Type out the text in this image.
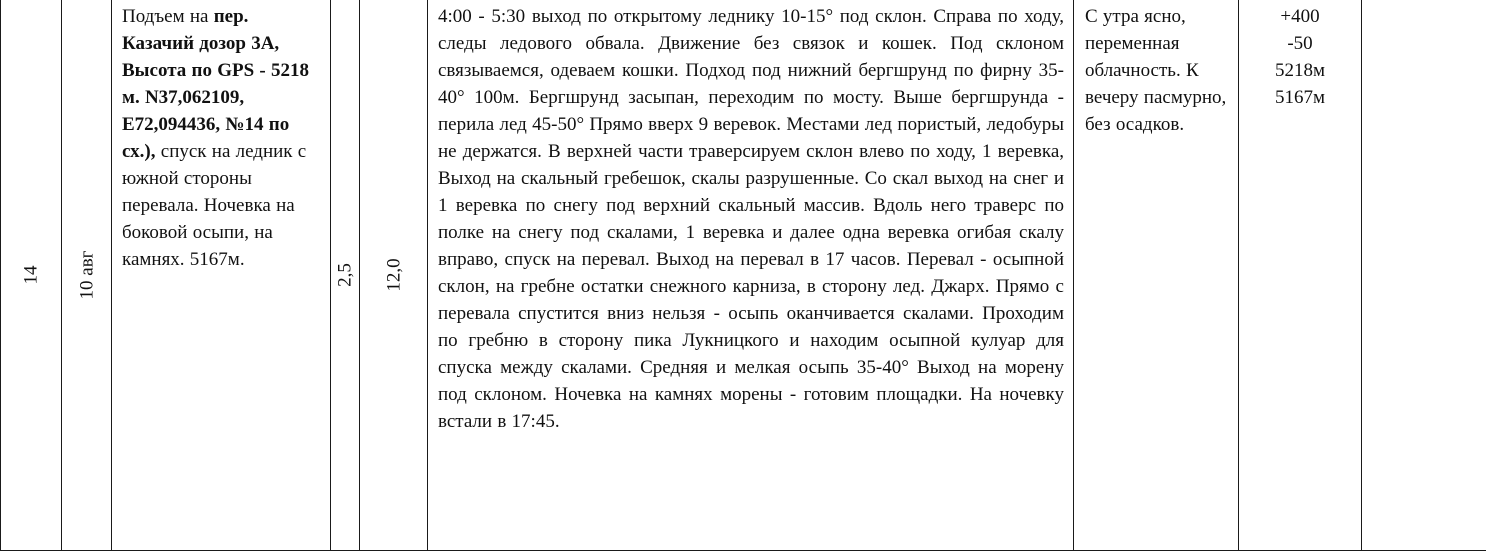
14 10 авг
Подъем на пер. Казачий дозор 3А, Высота по GPS - 5218 м. N37,062109, E72,094436, №14 по сх.), спуск на ледник с южной стороны перевала. Ночевка на боковой осыпи, на камнях. 5167м.
2,5 12,0
4:00 - 5:30 выход по открытому леднику 10-15° под склон. Справа по ходу, следы ледового обвала. Движение без связок и кошек. Под склоном связываемся, одеваем кошки. Подход под нижний бергшрунд по фирну 35-40° 100м. Бергшрунд засыпан, переходим по мосту. Выше бергшрунда - перила лед 45-50° Прямо вверх 9 веревок. Местами лед пористый, ледобуры не держатся. В верхней части траверсируем склон влево по ходу, 1 веревка, Выход на скальный гребешок, скалы разрушенные. Со скал выход на снег и 1 веревка по снегу под верхний скальный массив. Вдоль него траверс по полке на снегу под скалами, 1 веревка и далее одна веревка огибая скалу вправо, спуск на перевал. Выход на перевал в 17 часов. Перевал - осыпной склон, на гребне остатки снежного карниза, в сторону лед. Джарх. Прямо с перевала спустится вниз нельзя - осыпь оканчивается скалами. Проходим по гребню в сторону пика Лукницкого и находим осыпной кулуар для спуска между скалами. Средняя и мелкая осыпь 35-40° Выход на морену под склоном. Ночевка на камнях морены - готовим площадки. На ночевку встали в 17:45.
С утра ясно, переменная облачность. К вечеру пасмурно, без осадков.
+400
-50
5218м
5167м
